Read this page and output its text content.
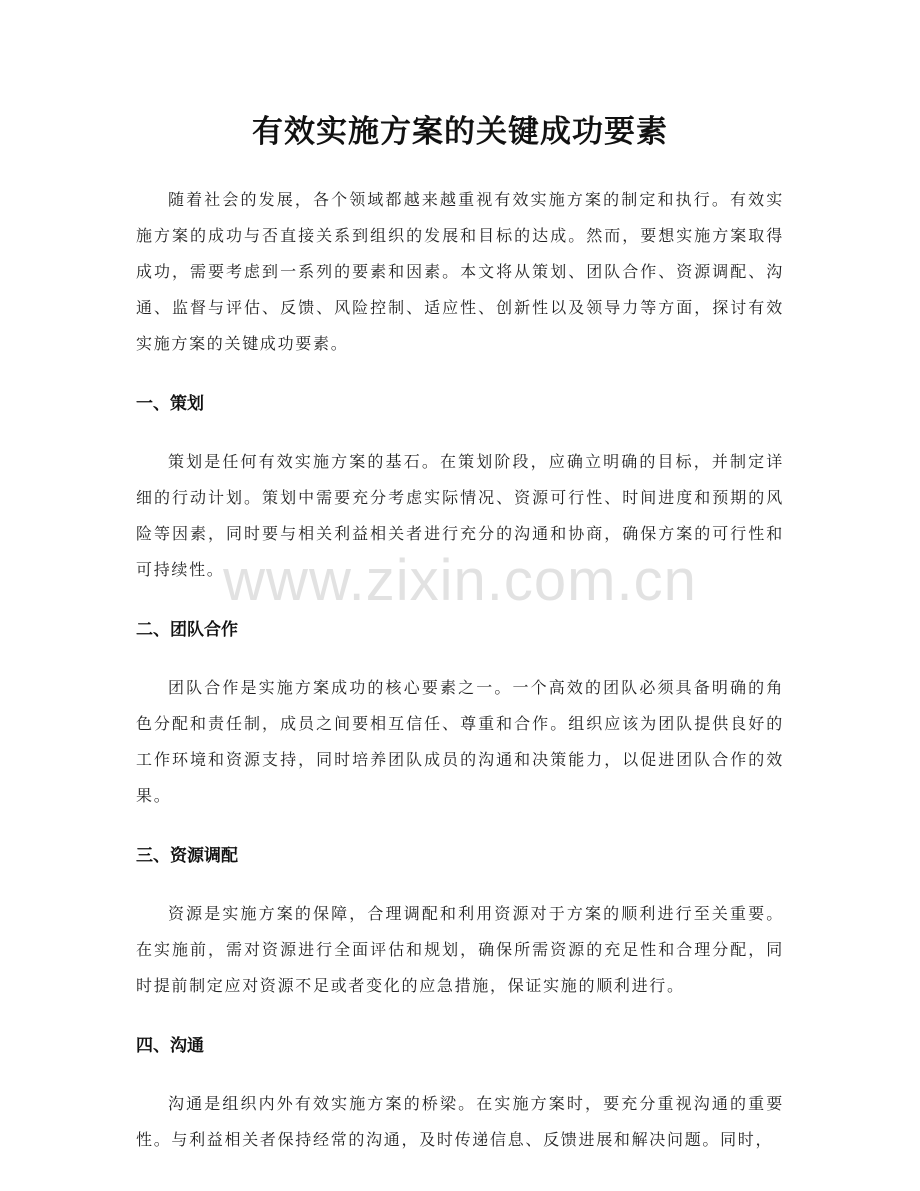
有效实施方案的关键成功要素

随着社会的发展，各个领域都越来越重视有效实施方案的制定和执行。有效实施方案的成功与否直接关系到组织的发展和目标的达成。然而，要想实施方案取得成功，需要考虑到一系列的要素和因素。本文将从策划、团队合作、资源调配、沟通、监督与评估、反馈、风险控制、适应性、创新性以及领导力等方面，探讨有效实施方案的关键成功要素。

一、策划

策划是任何有效实施方案的基石。在策划阶段，应确立明确的目标，并制定详细的行动计划。策划中需要充分考虑实际情况、资源可行性、时间进度和预期的风险等因素，同时要与相关利益相关者进行充分的沟通和协商，确保方案的可行性和可持续性。

二、团队合作

团队合作是实施方案成功的核心要素之一。一个高效的团队必须具备明确的角色分配和责任制，成员之间要相互信任、尊重和合作。组织应该为团队提供良好的工作环境和资源支持，同时培养团队成员的沟通和决策能力，以促进团队合作的效果。

三、资源调配

资源是实施方案的保障，合理调配和利用资源对于方案的顺利进行至关重要。在实施前，需对资源进行全面评估和规划，确保所需资源的充足性和合理分配，同时提前制定应对资源不足或者变化的应急措施，保证实施的顺利进行。

四、沟通

沟通是组织内外有效实施方案的桥梁。在实施方案时，要充分重视沟通的重要性。与利益相关者保持经常的沟通，及时传递信息、反馈进展和解决问题。同时，

www.zixin.com.cn
